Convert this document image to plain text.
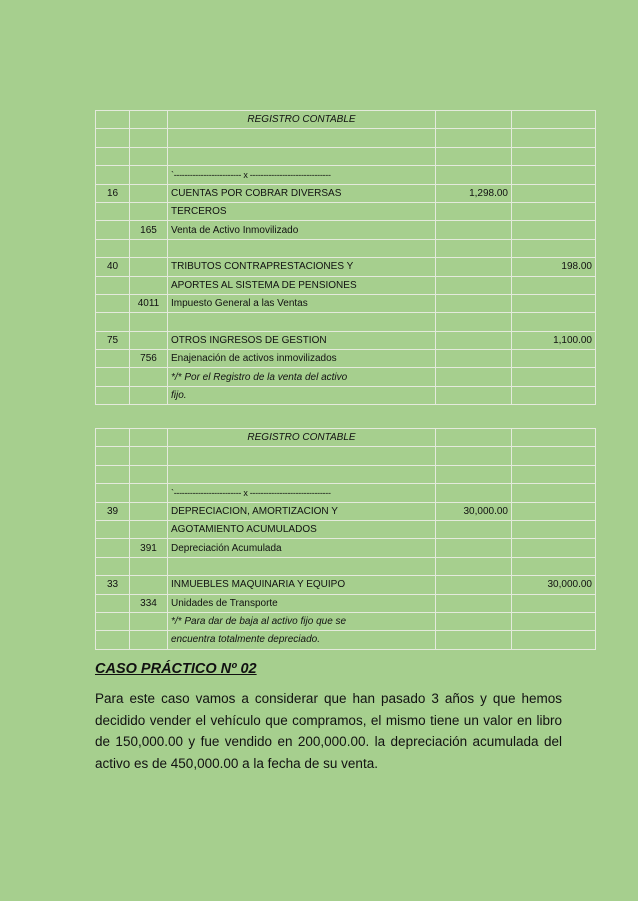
		REGISTRO CONTABLE		

		`------------------------- x ------------------------------		
16		CUENTAS POR COBRAR DIVERSAS	1,298.00	
		TERCEROS		
	165	Venta de Activo Inmovilizado		

40		TRIBUTOS CONTRAPRESTACIONES Y		198.00
		APORTES AL SISTEMA DE PENSIONES		
	4011	Impuesto General a las Ventas		

75		OTROS INGRESOS DE GESTION		1,100.00
	756	Enajenación de activos inmovilizados		
		*/* Por el Registro de la venta del activo		
		fijo.		
		REGISTRO CONTABLE		

		`------------------------- x ------------------------------		
39		DEPRECIACION, AMORTIZACION Y	30,000.00	
		AGOTAMIENTO ACUMULADOS		
	391	Depreciación Acumulada		

33		INMUEBLES MAQUINARIA Y EQUIPO		30,000.00
	334	Unidades de Transporte		
		*/* Para dar de baja al activo fijo que se		
		encuentra totalmente depreciado.		

CASO PRÁCTICO Nº 02

Para este caso vamos a considerar que han pasado 3 años y que hemos decidido vender el vehículo que compramos, el mismo tiene un valor en libro de 150,000.00 y fue vendido en 200,000.00. la depreciación acumulada del activo es de 450,000.00 a la fecha de su venta.
